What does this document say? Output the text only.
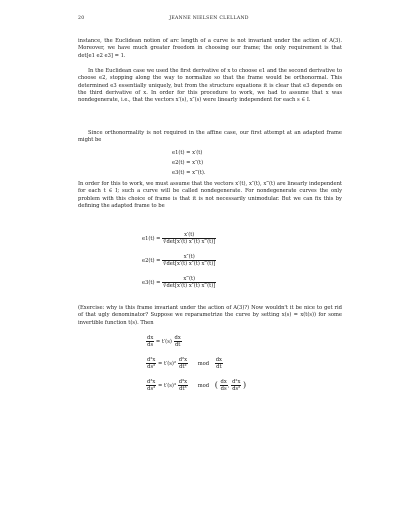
20	JEANNE NIELSEN CLELLAND
instance, the Euclidean notion of arc length of a curve is not invariant under the action of A(3). Moreover, we have much greater freedom in choosing our frame; the only requirement is that det[e1 e2 e3] = 1.
In the Euclidean case we used the first derivative of x to choose e1 and the second derivative to choose e2, stopping along the way to normalize so that the frame would be orthonormal. This determined e3 essentially uniquely, but from the structure equations it is clear that e3 depends on the third derivative of x. In order for this procedure to work, we had to assume that x was nondegenerate, i.e., that the vectors x′(s), x″(s) were linearly independent for each s ∈ I.
Since orthonormality is not required in the affine case, our first attempt at an adapted frame might be
e1(t) = x′(t)
e2(t) = x″(t)
e3(t) = x‴(t).
In order for this to work, we must assume that the vectors x′(t), x″(t), x‴(t) are linearly independent for each t ∈ I; such a curve will be called nondegenerate. For nondegenerate curves the only problem with this choice of frame is that it is not necessarily unimodular. But we can fix this by defining the adapted frame to be
$e1(t) = \frac{x'(t)}{∛\det[x'(t) x''(t) x‴(t)]}$
$e2(t) = \frac{x''(t)}{∛\det[x'(t) x''(t) x‴(t)]}$
$e3(t) = \frac{x‴(t)}{∛\det[x'(t) x''(t) x‴(t)]}$
(Exercise: why is this frame invariant under the action of A(3)?) Now wouldn't it be nice to get rid of that ugly denominator? Suppose we reparametrize the curve by setting x(s) = x(t(s)) for some invertible function t(s). Then
$\frac{dx}{ds} = t'(s) \frac{dx}{dt}$
$\frac{\text{d²x}}{\text{ds²}} = t'(s)^2 \frac{\text{d²x}}{\text{dt²}}$ mod $\frac{dx}{dt}$
$\frac{\text{d³x}}{\text{ds³}} = t'(s)^3 \frac{\text{d³x}}{\text{dt³}}$ mod ( $\frac{dx}{ds}$ , $\frac{\text{d²x}}{\text{ds²}}$ )
